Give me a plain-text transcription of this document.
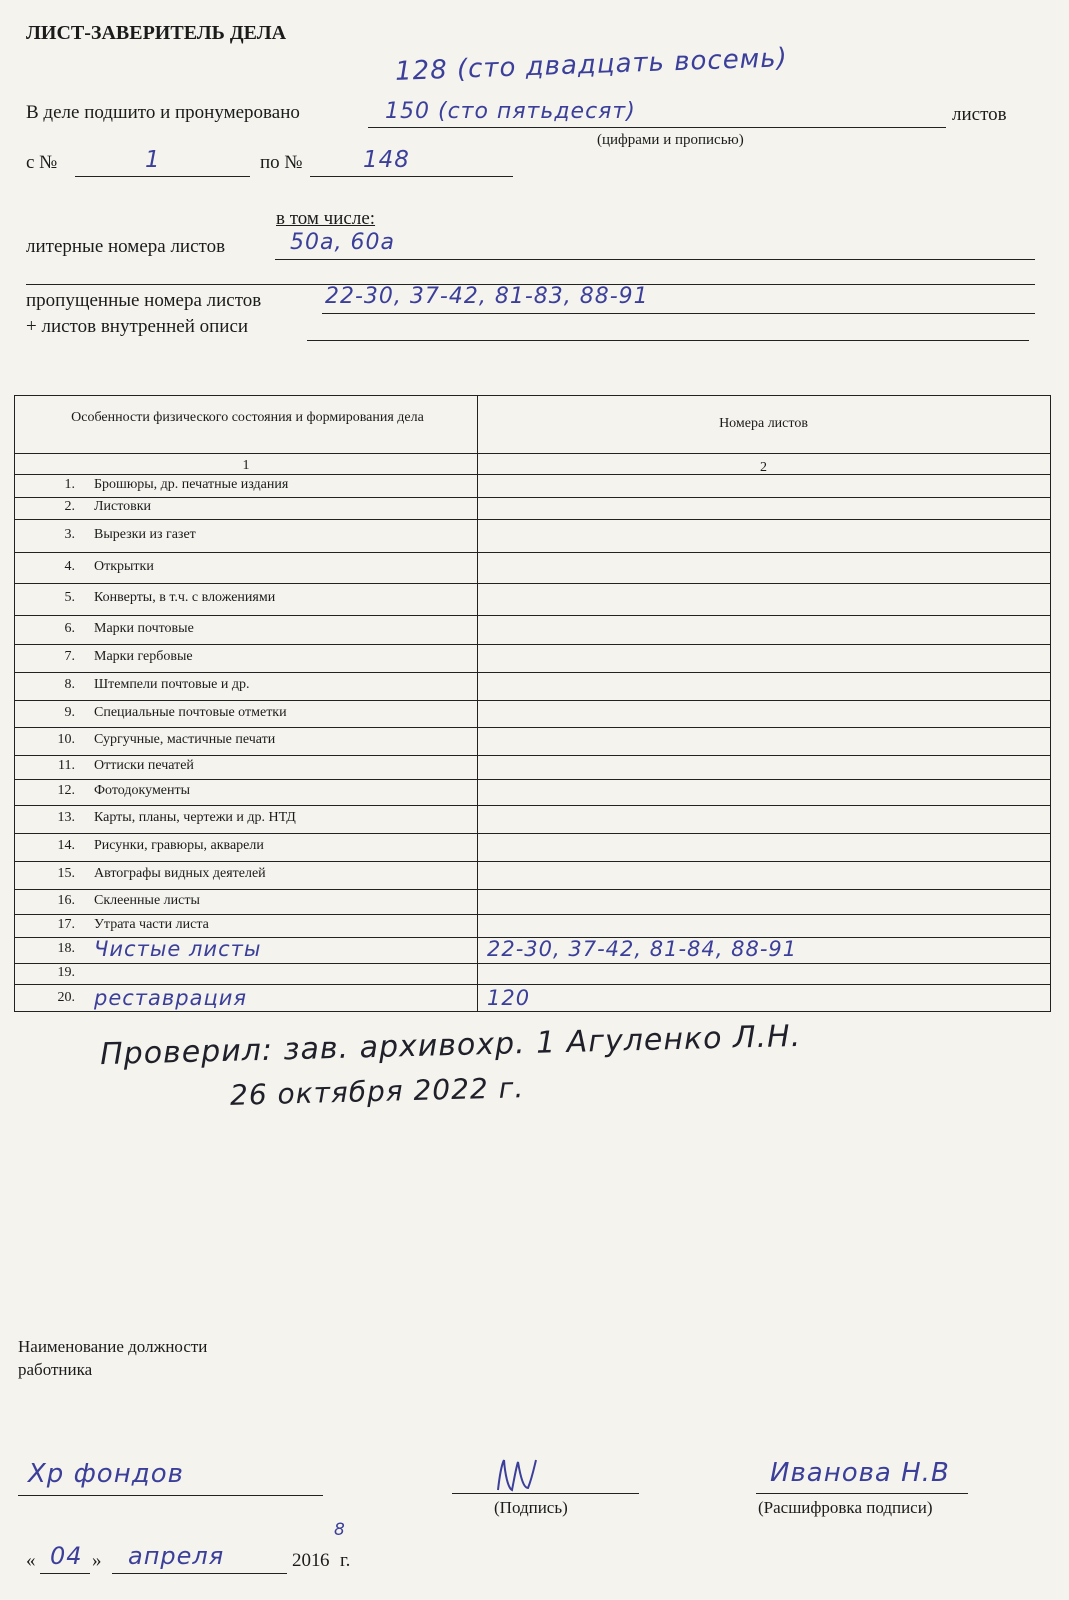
ЛИСТ-ЗАВЕРИТЕЛЬ ДЕЛА
128 (сто двадцать восемь)
В деле подшито и пронумеровано	150 (сто пятьдесят)	листов
(цифрами и прописью)
с №	1	по №	148
в том числе:
литерные номера листов	50а, 60а
пропущенные номера листов	22-30, 37-42, 81-83, 88-91
+ листов внутренней описи
Особенности физического состояния и формирования дела	Номера листов
1	2
1. Брошюры, др. печатные издания
2. Листовки
3. Вырезки из газет
4. Открытки
5. Конверты, в т.ч. с вложениями
6. Марки почтовые
7. Марки гербовые
8. Штемпели почтовые и др.
9. Специальные почтовые отметки
10. Сургучные, мастичные печати
11. Оттиски печатей
12. Фотодокументы
13. Карты, планы, чертежи и др. НТД
14. Рисунки, гравюры, акварели
15. Автографы видных деятелей
16. Склеенные листы
17. Утрата части листа
18. Чистые листы	22-30, 37-42, 81-84, 88-91
19.
20. реставрация	120
Проверил: зав. архивохр. 1 Агуленко Л.Н.
26 октября 2022 г.
Наименование должности
работника
Хр фондов
(Подпись)
Иванова Н.В
(Расшифровка подписи)
« 04 » апреля	201 6
8
г.
